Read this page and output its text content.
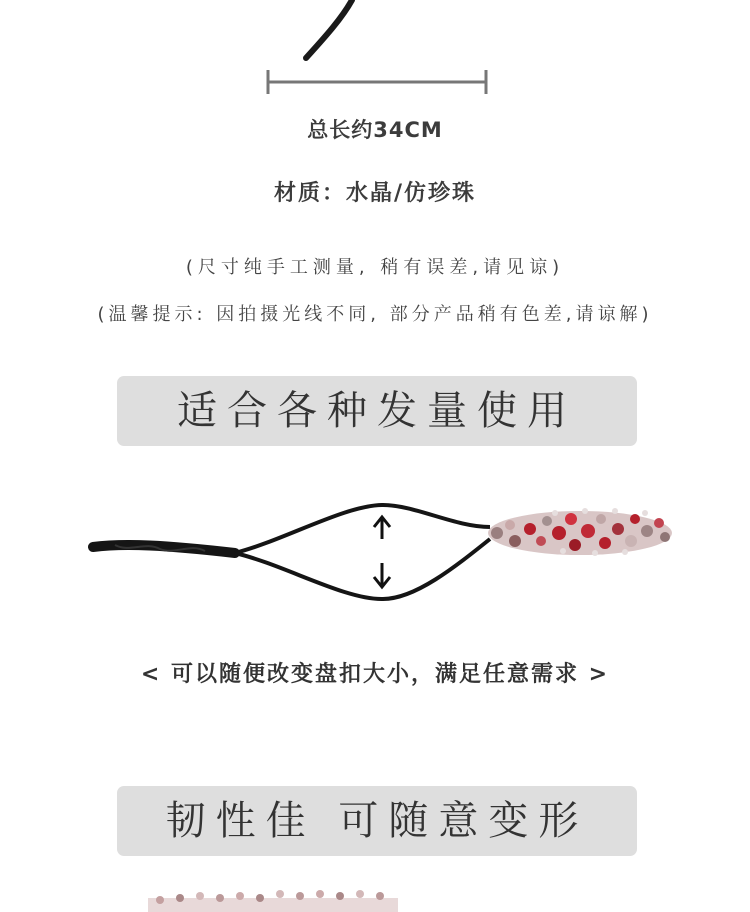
总长约34CM
材质：水晶/仿珍珠
(尺寸纯手工测量, 稍有误差,请见谅)
(温馨提示: 因拍摄光线不同, 部分产品稍有色差,请谅解)
适合各种发量使用
< 可以随便改变盘扣大小，满足任意需求 >
韧性佳 可随意变形
